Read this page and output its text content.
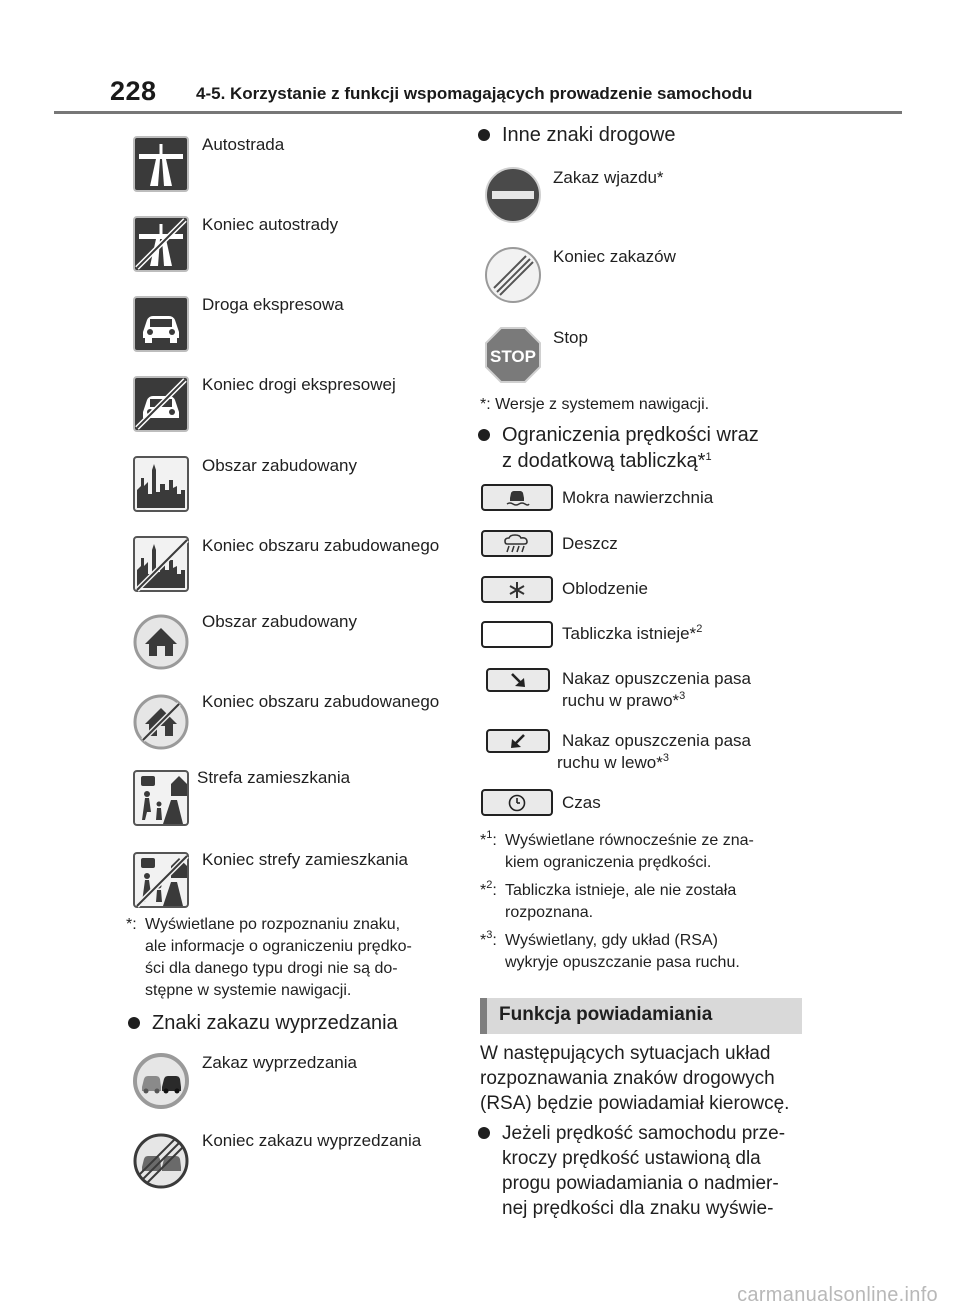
228 4-5. Korzystanie z funkcji wspomagających prowadzenie samochodu
Autostrada
Koniec autostrady
Droga ekspresowa
Koniec drogi ekspresowej
Obszar zabudowany
Koniec obszaru zabudowanego
Obszar zabudowany
Koniec obszaru zabudowanego
Strefa zamieszkania
Koniec strefy zamieszkania
*: Wyświetlane po rozpoznaniu znaku,
ale informacje o ograniczeniu prędko-
ści dla danego typu drogi nie są do-
stępne w systemie nawigacji.
Znaki zakazu wyprzedzania
Zakaz wyprzedzania
Koniec zakazu wyprzedzania
Inne znaki drogowe
Zakaz wjazdu*
Koniec zakazów
STOP
Stop
*: Wersje z systemem nawigacji.
Ograniczenia prędkości wraz
z dodatkową tabliczką*$^1$
Mokra nawierzchnia
Deszcz
Oblodzenie
Tabliczka istnieje*$^2$
Nakaz opuszczenia pasa
ruchu w prawo*$^3$
Nakaz opuszczenia pasa
ruchu w lewo*$^3$
Czas
*$^1$: Wyświetlane równocześnie ze zna-
kiem ograniczenia prędkości.
*$^2$: Tabliczka istnieje, ale nie została
rozpoznana.
*$^3$: Wyświetlany, gdy układ (RSA)
wykryje opuszczanie pasa ruchu.
Funkcja powiadamiania
W następujących sytuacjach układ
rozpoznawania znaków drogowych
(RSA) będzie powiadamiał kierowcę.
Jeżeli prędkość samochodu prze-
kroczy prędkość ustawioną dla
progu powiadamiania o nadmier-
nej prędkości dla znaku wyświe-
carmanualsonline.info
